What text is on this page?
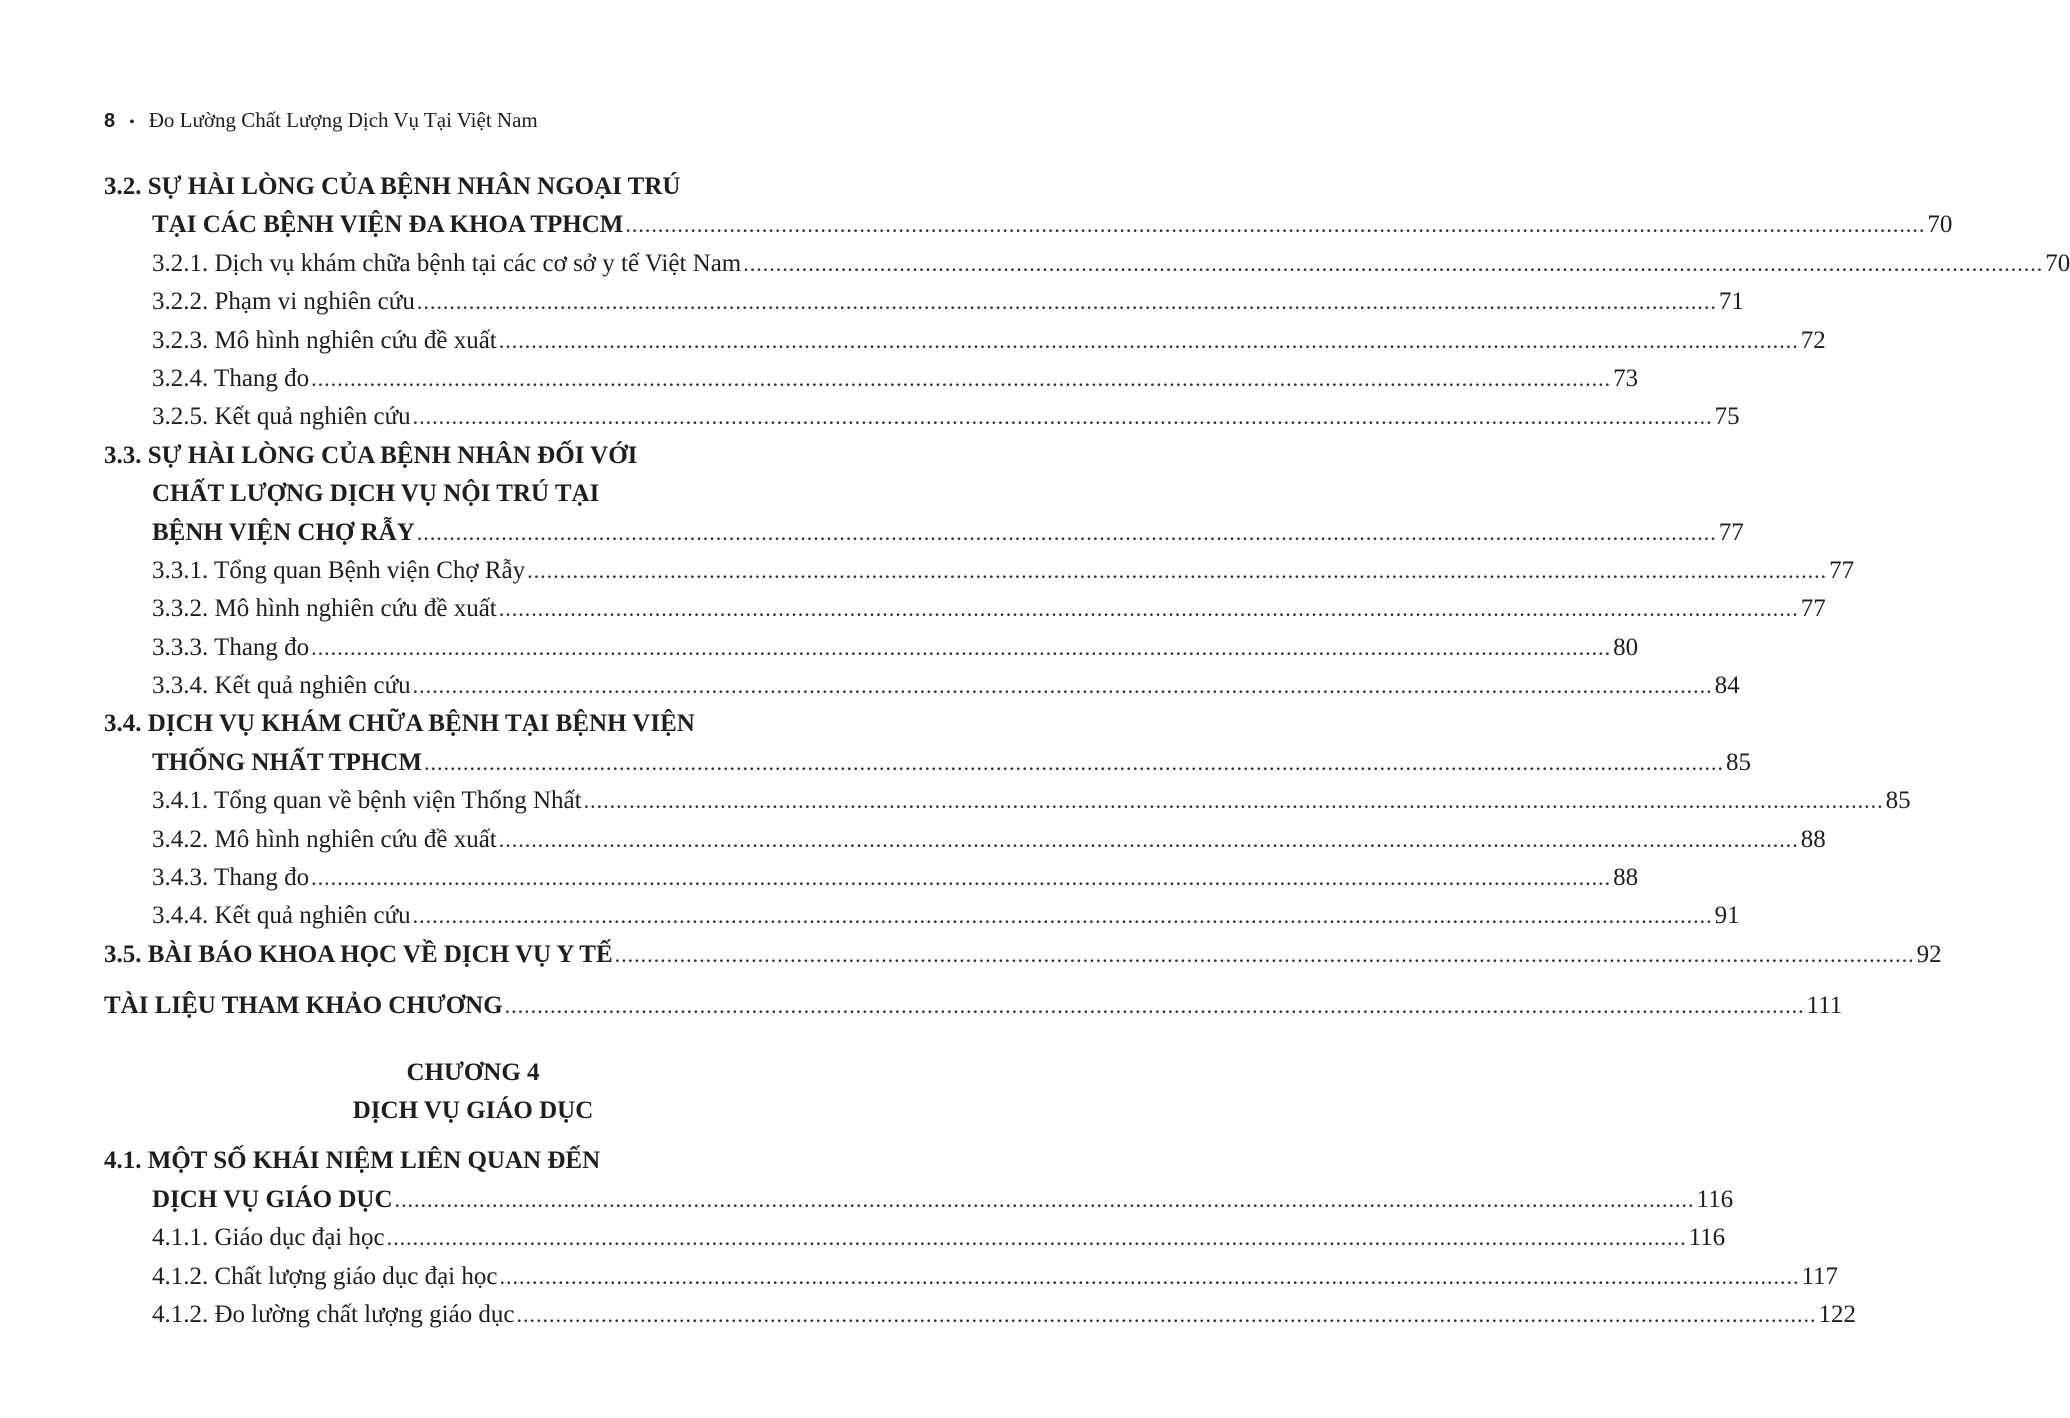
8 • Đo Lường Chất Lượng Dịch Vụ Tại Việt Nam
3.2. SỰ HÀI LÒNG CỦA BỆNH NHÂN NGOẠI TRÚ
TẠI CÁC BỆNH VIỆN ĐA KHOA TPHCM ........................................................................................................................................................................................................ 70
3.2.1. Dịch vụ khám chữa bệnh tại các cơ sở y tế Việt Nam ........................................................................................................................................................................................................ 70
3.2.2. Phạm vi nghiên cứu ........................................................................................................................................................................................................ 71
3.2.3. Mô hình nghiên cứu đề xuất ........................................................................................................................................................................................................ 72
3.2.4. Thang đo ........................................................................................................................................................................................................ 73
3.2.5. Kết quả nghiên cứu ........................................................................................................................................................................................................ 75
3.3. SỰ HÀI LÒNG CỦA BỆNH NHÂN ĐỐI VỚI
CHẤT LƯỢNG DỊCH VỤ NỘI TRÚ TẠI
BỆNH VIỆN CHỢ RẪY ........................................................................................................................................................................................................ 77
3.3.1. Tổng quan Bệnh viện Chợ Rẫy ........................................................................................................................................................................................................ 77
3.3.2. Mô hình nghiên cứu đề xuất ........................................................................................................................................................................................................ 77
3.3.3. Thang đo ........................................................................................................................................................................................................ 80
3.3.4. Kết quả nghiên cứu ........................................................................................................................................................................................................ 84
3.4. DỊCH VỤ KHÁM CHỮA BỆNH TẠI BỆNH VIỆN
THỐNG NHẤT TPHCM ........................................................................................................................................................................................................ 85
3.4.1. Tổng quan về bệnh viện Thống Nhất ........................................................................................................................................................................................................ 85
3.4.2. Mô hình nghiên cứu đề xuất ........................................................................................................................................................................................................ 88
3.4.3. Thang đo ........................................................................................................................................................................................................ 88
3.4.4. Kết quả nghiên cứu ........................................................................................................................................................................................................ 91
3.5. BÀI BÁO KHOA HỌC VỀ DỊCH VỤ Y TẾ ........................................................................................................................................................................................................ 92
TÀI LIỆU THAM KHẢO CHƯƠNG ........................................................................................................................................................................................................ 111
CHƯƠNG 4
DỊCH VỤ GIÁO DỤC
4.1. MỘT SỐ KHÁI NIỆM LIÊN QUAN ĐẾN
DỊCH VỤ GIÁO DỤC ........................................................................................................................................................................................................ 116
4.1.1. Giáo dục đại học ........................................................................................................................................................................................................ 116
4.1.2. Chất lượng giáo dục đại học ........................................................................................................................................................................................................ 117
4.1.2. Đo lường chất lượng giáo dục ........................................................................................................................................................................................................ 122
